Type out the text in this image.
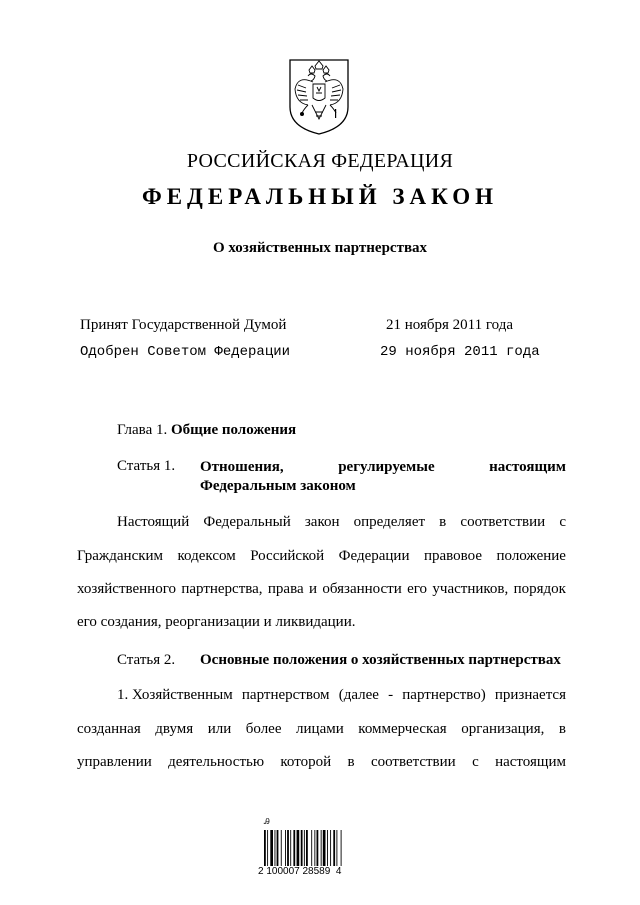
РОССИЙСКАЯ ФЕДЕРАЦИЯ
ФЕДЕРАЛЬНЫЙ ЗАКОН
О хозяйственных партнерствах
Принят Государственной Думой	21 ноября 2011 года
Одобрен Советом Федерации	29 ноября 2011 года
Глава 1. Общие положения
Статья 1. Отношения,	регулируемые	настоящим
Федеральным законом
Настоящий Федеральный закон определяет в соответствии с
Гражданским кодексом Российской Федерации правовое положение
хозяйственного партнерства, права и обязанности его участников, порядок
его создания, реорганизации и ликвидации.
Статья 2. Основные положения о хозяйственных партнерствах
1. Хозяйственным партнерством (далее - партнерство) признается
созданная двумя или более лицами коммерческая организация, в
управлении деятельностью которой в соответствии с настоящим
Ꭿ
2 100007 28589  4
